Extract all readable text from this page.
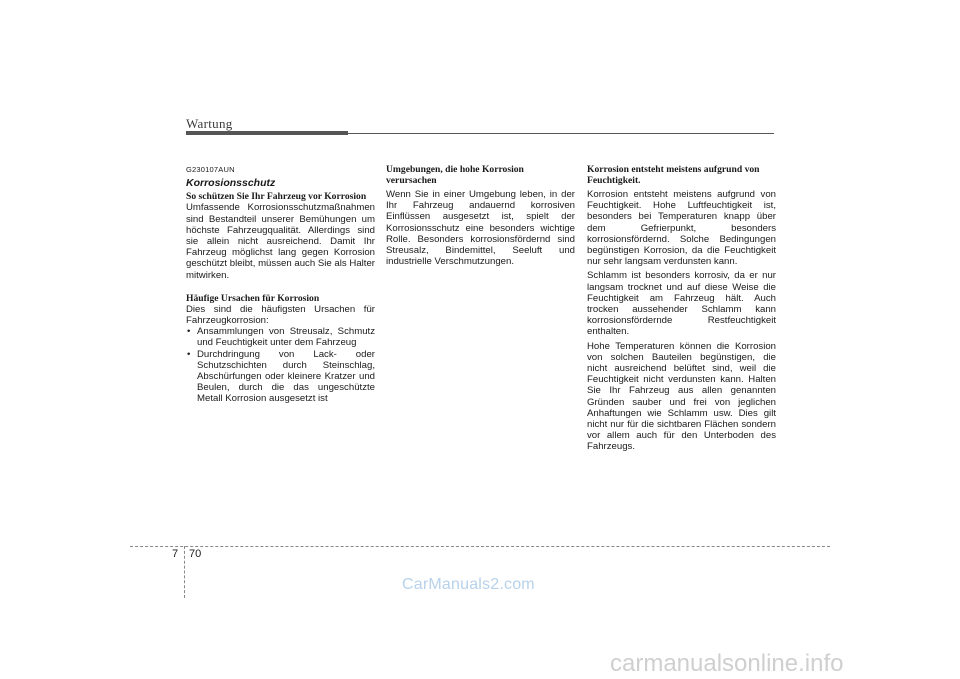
Wartung
G230107AUN
Korrosionsschutz
So schützen Sie Ihr Fahrzeug vor Korrosion

Umfassende Korrosionsschutzmaßnahmen sind Bestandteil unserer Bemühungen um höchste Fahrzeugqualität. Allerdings sind sie allein nicht ausreichend. Damit Ihr Fahrzeug möglichst lang gegen Korrosion geschützt bleibt, müssen auch Sie als Halter mitwirken.

Häufige Ursachen für Korrosion

Dies sind die häufigsten Ursachen für Fahrzeugkorrosion:

• Ansammlungen von Streusalz, Schmutz und Feuchtigkeit unter dem Fahrzeug
• Durchdringung von Lack- oder Schutzschichten durch Steinschlag, Abschürfungen oder kleinere Kratzer und Beulen, durch die das ungeschützte Metall Korrosion ausgesetzt ist
Umgebungen, die hohe Korrosion verursachen

Wenn Sie in einer Umgebung leben, in der Ihr Fahrzeug andauernd korrosiven Einflüssen ausgesetzt ist, spielt der Korrosionsschutz eine besonders wichtige Rolle. Besonders korrosionsfördernd sind Streusalz, Bindemittel, Seeluft und industrielle Verschmutzungen.

Korrosion entsteht meistens aufgrund von Feuchtigkeit.

Korrosion entsteht meistens aufgrund von Feuchtigkeit. Hohe Luftfeuchtigkeit ist, besonders bei Temperaturen knapp über dem Gefrierpunkt, besonders korrosionsfördernd. Solche Bedingungen begünstigen Korrosion, da die Feuchtigkeit nur sehr langsam verdunsten kann.

Schlamm ist besonders korrosiv, da er nur langsam trocknet und auf diese Weise die Feuchtigkeit am Fahrzeug hält. Auch trocken aussehender Schlamm kann korrosionsfördernde Restfeuchtigkeit enthalten.

Hohe Temperaturen können die Korrosion von solchen Bauteilen begünstigen, die nicht ausreichend belüftet sind, weil die Feuchtigkeit nicht verdunsten kann. Halten Sie Ihr Fahrzeug aus allen genannten Gründen sauber und frei von jeglichen Anhaftungen wie Schlamm usw. Dies gilt nicht nur für die sichtbaren Flächen sondern vor allem auch für den Unterboden des Fahrzeugs.

7 70
CarManuals2.com
carmanualsonline.info
